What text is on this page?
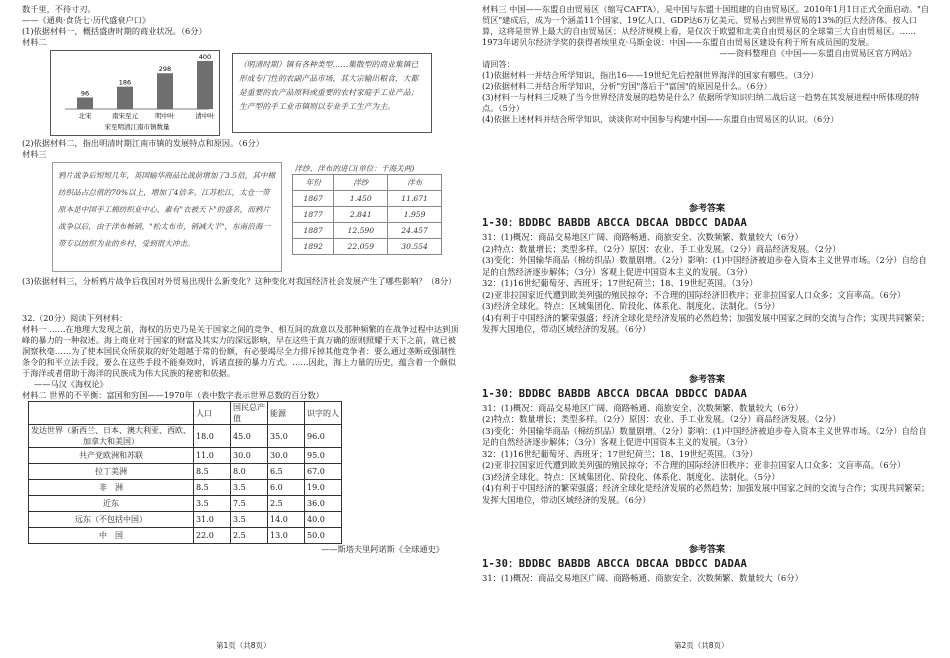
数千里，不待寸刃。

——《通典·食货七·历代盛衰户口》

(1)依据材料一，概括盛唐时期的商业状况。（6分）

材料二

96
北宋
186
南宋至元
298
明中叶
400
清中叶
宋至明清江南市镇数量
（明清时期）镇有各种类型……集散型的商业集镇已形成专门性的农副产品市场，其大宗输出粮食，大都是重要的农产品原料或重要的农村家庭手工业产品；生产型的手工业市镇则以专业手工生产为主。

(2)依据材料二，指出明清时期江南市镇的发展特点和原因。（6分）

材料三

鸦片战争后短短几年，英国输华商品比战前增加了3.5倍，其中棉纺织品占总值的70%以上，增加了4倍多。江苏松江，太仓一带原本是中国手工棉纺织业中心，素有"衣被天下"的盛名，而鸦片战争以后，由于洋布畅销，"松太布市，销减大半"，东南沿海一带专以纺织为业的乡村，受到很大冲击。
洋纱、洋布的进口(单位：千海关两)		
年份	洋纱	洋布
1867	1.450	11.671
1877	2.841	1.959
1887	12.590	24.457
1892	22.059	30.554

(3)依据材料三，分析鸦片战争后我国对外贸易出现什么新变化？这种变化对我国经济社会发展产生了哪些影响？（8分）

32.（20分）阅读下列材料：

材料一 ……在地理大发现之前，海权的历史乃是关于国家之间的竞争、相互间的敌意以及那种频繁的在战争过程中达到顶峰的暴力的一种叙述。海上商业对于国家的财富及其实力的深远影响，早在这些于真万确的原则照耀于天下之前，就已被洞察秋毫……为了使本国民众所获取的好处超越于常的份额，有必要竭尽全力排斥掉其他竞争者：要么通过垄断或强制性条令的和平立法手段，要么在这些手段不能奏效时，诉诸直接的暴力方式。……因此，海上力量的历史，蕴含着一个颇似于海洋或者借助于海洋的民族成为伟大民族的秘密和依据。

——马汉《海权论》

材料二 世界的不平衡：富国和穷国——1970年（表中数字表示世界总数的百分数）

	人口	国民总产值	能源	识字的人
发达世界（新西兰、日本、澳大利亚、西欧、加拿大和美国）	18.0	45.0	35.0	96.0
共产党欧洲和苏联	11.0	30.0	30.0	95.0
拉丁美洲	8.5	8.0	6.5	67.0
非　洲	8.5	3.5	6.0	19.0
近东	3.5	7.5	2.5	36.0
远东（不包括中国）	31.0	3.5	14.0	40.0
中　国	22.0	2.5	13.0	50.0

——斯塔夫里阿诺斯《全球通史》

第1页（共8页）

材料三 中国——东盟自由贸易区（缩写CAFTA），是中国与东盟十国组建的自由贸易区。2010年1月1日正式全面启动。"自贸区"建成后，成为一个涵盖11个国家、19亿人口、GDP达6万亿美元、贸易占到世界贸易的13%的巨大经济体。按人口算，这将是世界上最大的自由贸易区；从经济规模上看，是仅次于欧盟和北美自由贸易区的全球第三大自由贸易区。……1973年诺贝尔经济学奖的获得者埃里克·马斯金说：中国——东盟自由贸易区建设有利于所有成员国的发展。

——资料整理自《中国——东盟自由贸易区官方网站》

请回答：

(1)依据材料一并结合所学知识，指出16——19世纪先后控制世界海洋的国家有哪些。（3分）

(2)依据材料二并结合所学知识，分析"穷国"落后于"富国"的原因是什么。（6分）

(3)材料一与材料三反映了当今世界经济发展的趋势是什么？依据所学知识归纳二战后这一趋势在其发展进程中所体现的特点。（5分）

(4)依据上述材料并结合所学知识，谈谈你对中国参与构建中国——东盟自由贸易区的认识。（6分）

参考答案

1-30：BDDBC BABDB ABCCA DBCAA DBDCC DADAA

31：(1)概况：商品交易地区广阔、商路畅通、商旅安全、次数频繁、数量较大（6分）

(2)特点：数量增长；类型多样。（2分）原因：农业、手工业发展。（2分）商品经济发展。（2分）

(3)变化：外国输华商品（棉纺织品）数量剧增。（2分）影响：(1)中国经济被迫步卷入资本主义世界市场。（2分）自给自足的自然经济逐步解体；（3分）客观上促进中国资本主义的发展。（3分）

32：(1)16世纪葡萄牙、西班牙；17世纪荷兰；18、19世纪英国。（3分）

(2)亚非拉国家近代遭到欧美列强的殖民掠夺；不合理的国际经济旧秩序；亚非拉国家人口众多；文盲率高。（6分）

(3)经济全球化。特点：区域集团化、阶段化、体系化、制度化、法制化。（5分）

(4)有利于中国经济的繁荣强盛；经济全球化是经济发展的必然趋势；加强发展中国家之间的交流与合作；实现共同繁荣；发挥大国地位，带动区域经济的发展。（6分）

参考答案

1-30：BDDBC BABDB ABCCA DBCAA DBDCC DADAA

31：(1)概况：商品交易地区广阔、商路畅通、商旅安全、次数频繁、数量较大（6分）

(2)特点：数量增长；类型多样。（2分）原因：农业、手工业发展。（2分）商品经济发展。（2分）

(3)变化：外国输华商品（棉纺织品）数量剧增。（2分）影响：(1)中国经济被迫步卷入资本主义世界市场。（2分）自给自足的自然经济逐步解体；（3分）客观上促进中国资本主义的发展。（3分）

32：(1)16世纪葡萄牙、西班牙；17世纪荷兰；18、19世纪英国。（3分）

(2)亚非拉国家近代遭到欧美列强的殖民掠夺；不合理的国际经济旧秩序；亚非拉国家人口众多；文盲率高。（6分）

(3)经济全球化。特点：区域集团化、阶段化、体系化、制度化、法制化。（5分）

(4)有利于中国经济的繁荣强盛；经济全球化是经济发展的必然趋势；加强发展中国家之间的交流与合作；实现共同繁荣；发挥大国地位，带动区域经济的发展。（6分）

参考答案

1-30：BDDBC BABDB ABCCA DBCAA DBDCC DADAA

31：(1)概况：商品交易地区广阔、商路畅通、商旅安全、次数频繁、数量较大（6分）

第2页（共8页）
